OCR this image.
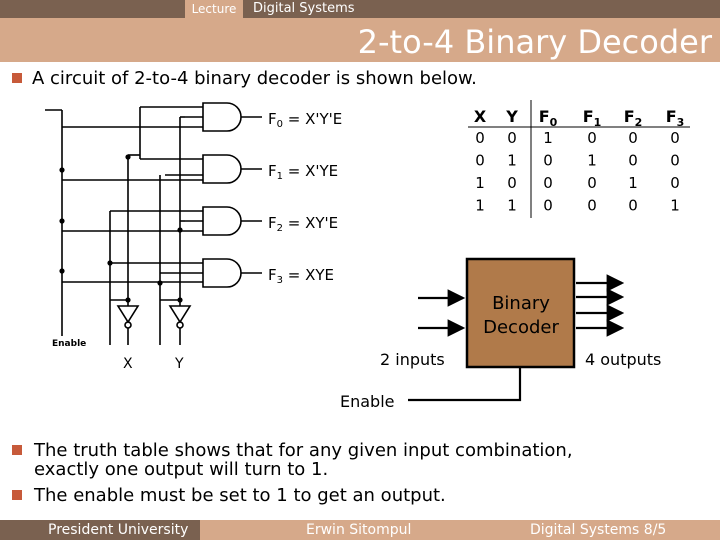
Lecture	Digital Systems
2-to-4 Binary Decoder
A circuit of 2-to-4 binary decoder is shown below.
$F_0 = X'Y'E$
$F_1 = X'YE$
$F_2 = XY'E$
$F_3$ = XYE
Enable
X	Y
X Y $F_0$ $F_1$ $F_2$ $F_3$
0 0 1 0 0 0
0 1 0 1 0 0
1 0 0 0 1 0
1 1 0 0 0 1
Binary
Decoder
2 inputs	4 outputs
Enable
The truth table shows that for any given input combination,
exactly one output will turn to 1.
The enable must be set to 1 to get an output.
President University	Erwin Sitompul	Digital Systems 8/5
